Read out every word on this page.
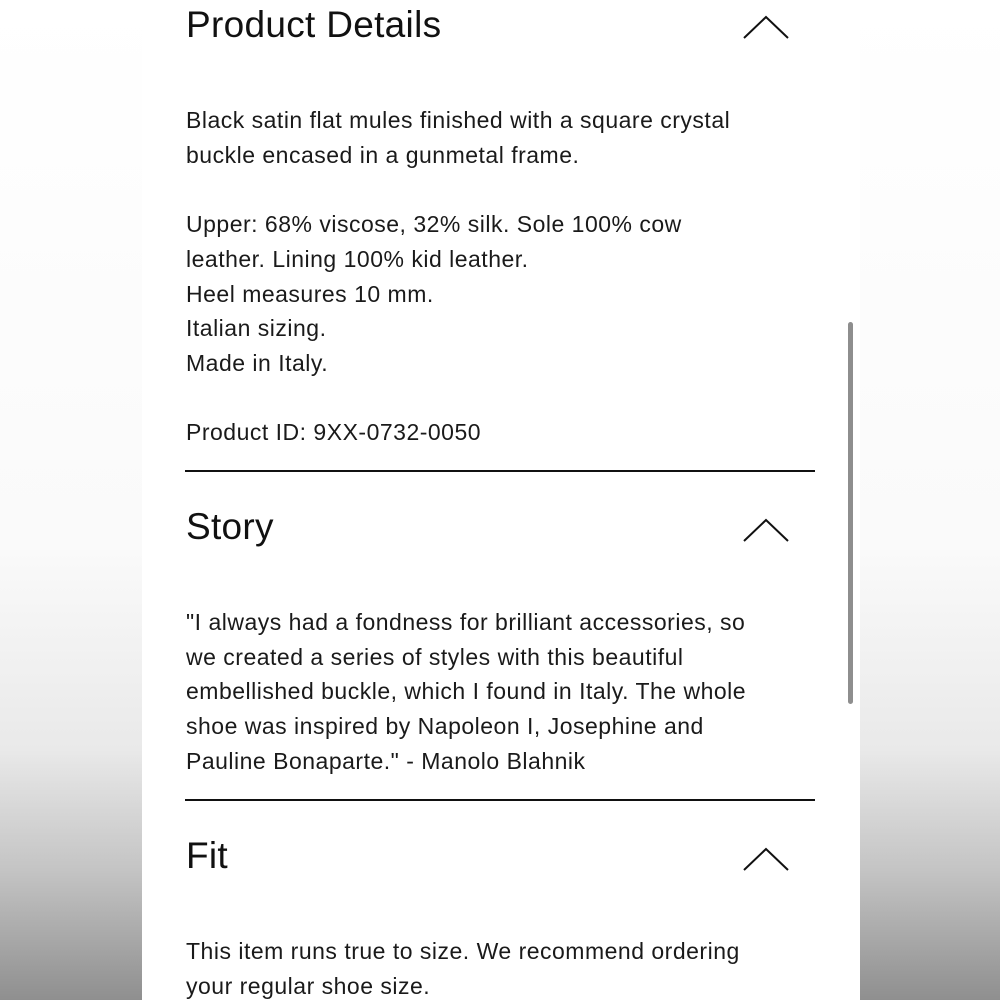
Product Details
Black satin flat mules finished with a square crystal
buckle encased in a gunmetal frame.

Upper: 68% viscose, 32% silk. Sole 100% cow
leather. Lining 100% kid leather.
Heel measures 10 mm.
Italian sizing.
Made in Italy.

Product ID: 9XX-0732-0050
Story
"I always had a fondness for brilliant accessories, so
we created a series of styles with this beautiful
embellished buckle, which I found in Italy. The whole
shoe was inspired by Napoleon I, Josephine and
Pauline Bonaparte." - Manolo Blahnik
Fit
This item runs true to size. We recommend ordering
your regular shoe size.
